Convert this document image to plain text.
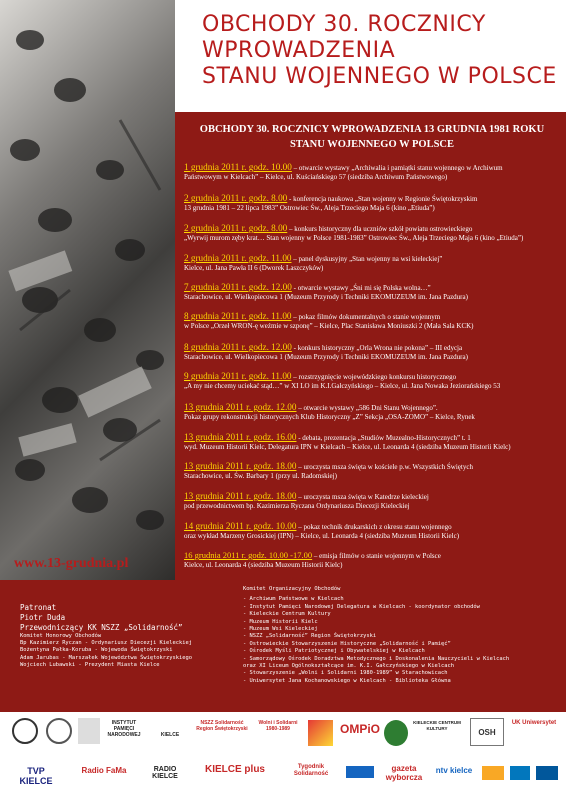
OBCHODY 30. ROCZNICY
WPROWADZENIA
STANU WOJENNEGO W POLSCE
OBCHODY 30. ROCZNICY WPROWADZENIA 13 GRUDNIA 1981 ROKU
STANU WOJENNEGO W POLSCE
1 grudnia 2011 r. godz. 10.00 – otwarcie wystawy „Archiwalia i pamiątki stanu wojennego w Archiwum
Państwowym w Kielcach” – Kielce, ul. Kuściańskiego 57 (siedziba Archiwum Państwowego)
2 grudnia 2011 r. godz. 8.00 - konferencja naukowa „Stan wojenny w Regionie Świętokrzyskim
13 grudnia 1981 – 22 lipca 1983” Ostrowiec Św., Aleja Trzeciego Maja 6 (kino „Etiuda”)
2 grudnia 2011 r. godz. 8.00 – konkurs historyczny dla uczniów szkół powiatu ostrowieckiego
„Wyrwij murom zęby krat… Stan wojenny w Polsce 1981-1983” Ostrowiec Św., Aleja Trzeciego Maja 6 (kino „Etiuda”)
2 grudnia 2011 r. godz. 11.00 – panel dyskusyjny „Stan wojenny na wsi kieleckiej”
Kielce, ul. Jana Pawła II 6 (Dworek Laszczyków)
7 grudnia 2011 r. godz. 12.00 - otwarcie wystawy „Śni mi się Polska wolna…”
Starachowice, ul. Wielkopiecowa 1 (Muzeum Przyrody i Techniki EKOMUZEUM im. Jana Pazdura)
8 grudnia 2011 r. godz. 11.00 – pokaz filmów dokumentalnych o stanie wojennym
w Polsce „Orzeł WRON-ę weźmie w szponę” – Kielce, Plac Stanisława Moniuszki 2 (Mała Sala KCK)
8 grudnia 2011 r. godz. 12.00 - konkurs historyczny „Orla Wrona nie pokona” – III edycja
Starachowice, ul. Wielkopiecowa 1 (Muzeum Przyrody i Techniki EKOMUZEUM im. Jana Pazdura)
9 grudnia 2011 r. godz. 11.00 – rozstrzygnięcie wojewódzkiego konkursu historycznego
„A my nie chcemy uciekać stąd…” w XI LO im K.I.Gałczyńskiego – Kielce, ul. Jana Nowaka Jeziorańskiego 53
13 grudnia 2011 r. godz. 12.00 – otwarcie wystawy „586 Dni Stanu Wojennego”.
Pokaz grupy rekonstrukcji historycznych Klub Historyczny „Z” Sekcja „OSA-ZOMO” – Kielce, Rynek
13 grudnia 2011 r. godz. 16.00 - debata, prezentacja „Studiów Muzealno-Historycznych” t. 1
wyd. Muzeum Historii Kielc, Delegatura IPN w Kielcach – Kielce, ul. Leonarda 4 (siedziba Muzeum Historii Kielc)
13 grudnia 2011 r. godz. 18.00 – uroczysta msza święta w kościele p.w. Wszystkich Świętych
Starachowice, ul. Św. Barbary 1 (przy ul. Radomskiej)
13 grudnia 2011 r. godz. 18.00 – uroczysta msza święta w Katedrze kieleckiej
pod przewodnictwem bp. Kazimierza Ryczana Ordynariusza Diecezji Kieleckiej
14 grudnia 2011 r. godz. 10.00 – pokaz technik drukarskich z okresu stanu wojennego
oraz wykład Marzeny Grosickiej (IPN) – Kielce, ul. Leonarda 4 (siedziba Muzeum Historii Kielc)
16 grudnia 2011 r. godz. 10.00 -17.00 – emisja filmów o stanie wojennym w Polsce
Kielce, ul. Leonarda 4 (siedziba Muzeum Historii Kielc)
www.13-grudnia.pl
Patronat
Piotr Duda
Przewodniczący KK NSZZ „Solidarność”
Komitet Honorowy Obchodów
Bp Kazimierz Ryczan - Ordynariusz Diecezji Kieleckiej
Bożentyna Pałka-Koruba - Wojewoda Świętokrzyski
Adam Jarubas - Marszałek Województwa Świętokrzyskiego
Wojciech Lubawski - Prezydent Miasta Kielce
Komitet Organizacyjny Obchodów
- Archiwum Państwowe w Kielcach
- Instytut Pamięci Narodowej Delegatura w Kielcach - koordynator obchodów
- Kieleckie Centrum Kultury
- Muzeum Historii Kielc
- Muzeum Wsi Kieleckiej
- NSZZ „Solidarność” Region Świętokrzyski
- Ostrowieckie Stowarzyszenie Historyczne „Solidarność i Pamięć”
- Ośrodek Myśli Patriotycznej i Obywatelskiej w Kielcach
- Samorządowy Ośrodek Doradztwa Metodycznego i Doskonalenia Nauczycieli w Kielcach
oraz XI Liceum Ogólnokształcące im. K.I. Gałczyńskiego w Kielcach
- Stowarzyszenie „Wolni i Solidarni 1980-1989” w Starachowicach
- Uniwersytet Jana Kochanowskiego w Kielcach - Biblioteka Główna
INSTYTUT PAMIĘCI NARODOWEJ	KIELCE
NSZZ Solidarność Region Świętokrzyski
Wolni i Solidarni 1980-1989	OMPiO	KIELECKIE CENTRUM KULTURY	OSH
UK Uniwersytet
TVP KIELCE
Radio FaMa	RADIO KIELCE
KIELCE plus	Tygodnik Solidarność
gazeta wyborcza
ntv kielce
